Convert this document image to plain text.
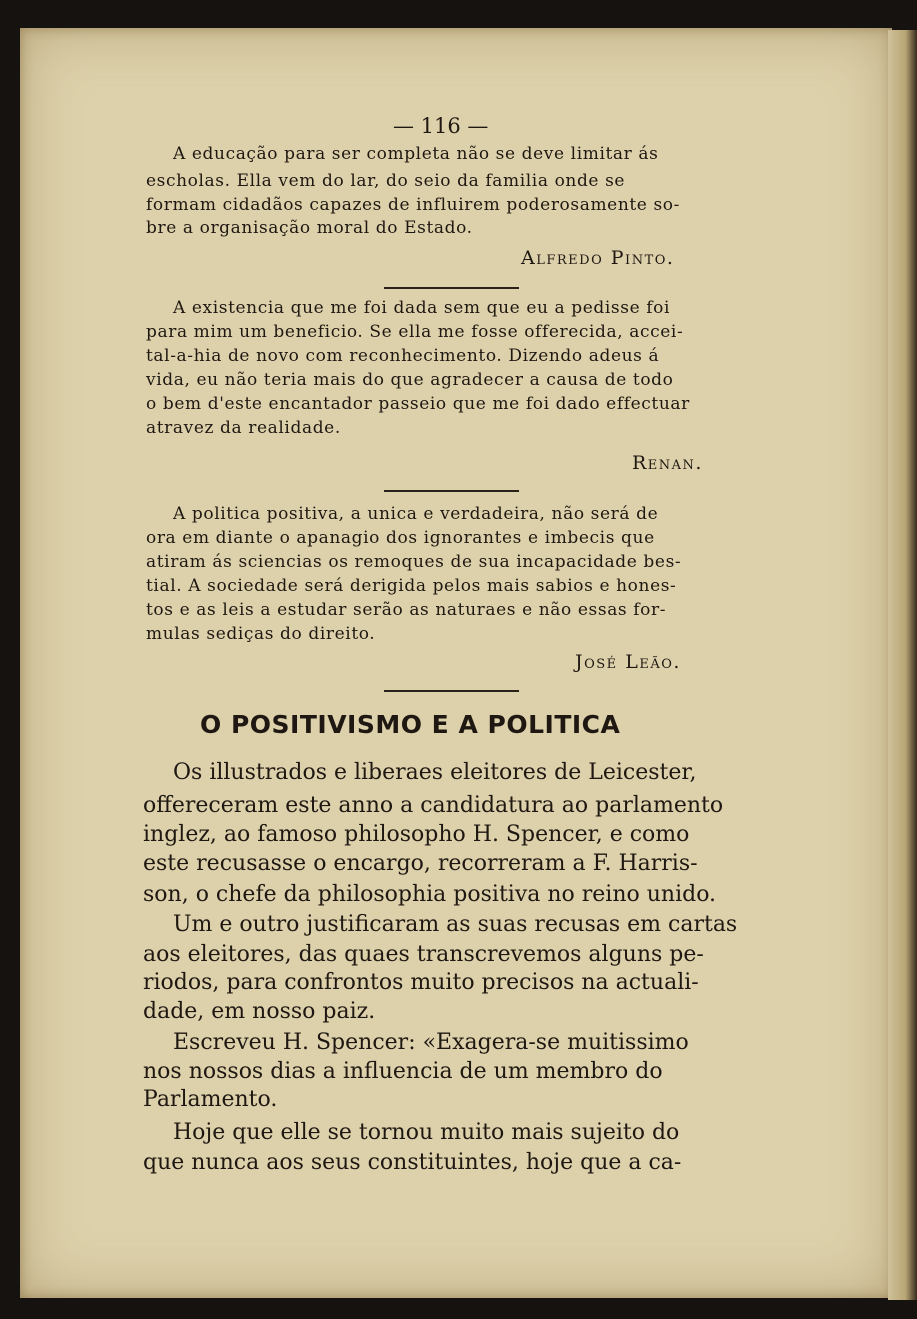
— 116 —
A educação para ser completa não se deve limitar ás
escholas. Ella vem do lar, do seio da familia onde se
formam cidadãos capazes de influirem poderosamente so-
bre a organisação moral do Estado.
Alfredo Pinto.
A existencia que me foi dada sem que eu a pedisse foi
para mim um beneficio. Se ella me fosse offerecida, accei-
tal-a-hia de novo com reconhecimento. Dizendo adeus á
vida, eu não teria mais do que agradecer a causa de todo
o bem d'este encantador passeio que me foi dado effectuar
atravez da realidade.
Renan.
A politica positiva, a unica e verdadeira, não será de
ora em diante o apanagio dos ignorantes e imbecis que
atiram ás sciencias os remoques de sua incapacidade bes-
tial. A sociedade será derigida pelos mais sabios e hones-
tos e as leis a estudar serão as naturaes e não essas for-
mulas sediças do direito.
José Leão.
O POSITIVISMO E A POLITICA
Os illustrados e liberaes eleitores de Leicester,
offereceram este anno a candidatura ao parlamento
inglez, ao famoso philosopho H. Spencer, e como
este recusasse o encargo, recorreram a F. Harris-
son, o chefe da philosophia positiva no reino unido.
Um e outro justificaram as suas recusas em cartas
aos eleitores, das quaes transcrevemos alguns pe-
riodos, para confrontos muito precisos na actuali-
dade, em nosso paiz.
Escreveu H. Spencer: «Exagera-se muitissimo
nos nossos dias a influencia de um membro do
Parlamento.
Hoje que elle se tornou muito mais sujeito do
que nunca aos seus constituintes, hoje que a ca-
